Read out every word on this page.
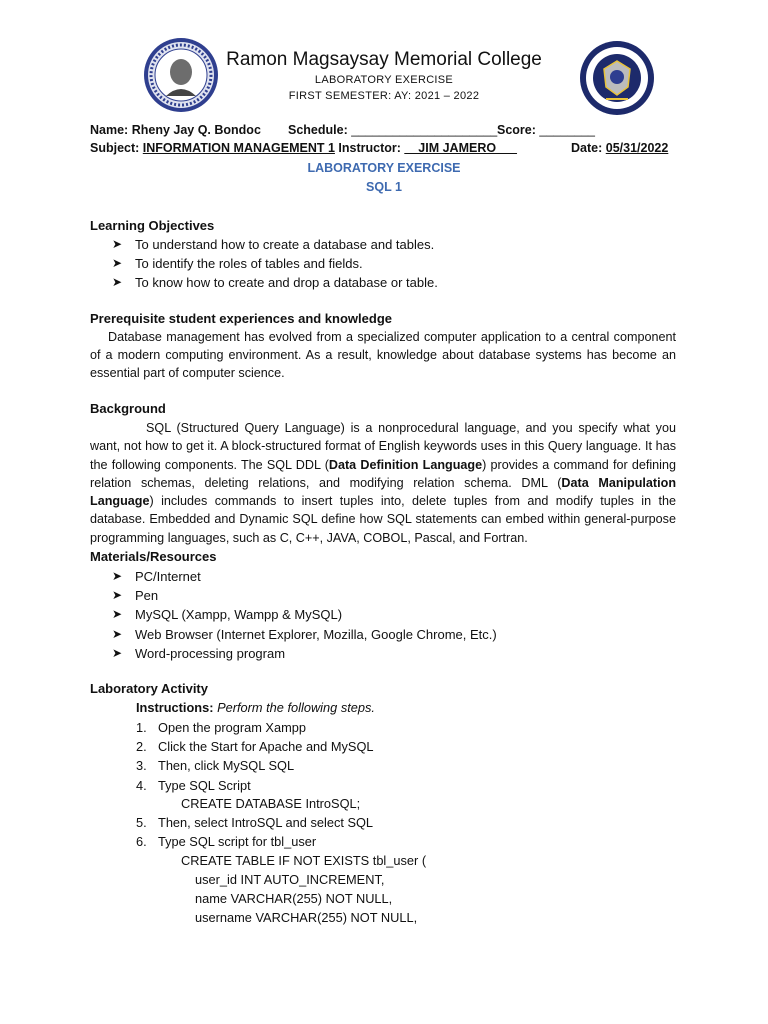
Ramon Magsaysay Memorial College
LABORATORY EXERCISE
FIRST SEMESTER: AY: 2021 – 2022
Name: Rheny Jay Q. Bondoc Schedule: _____________________ Score: ________
Subject: INFORMATION MANAGEMENT 1 Instructor: __JIM JAMERO___	Date: 05/31/2022
LABORATORY EXERCISE
SQL 1
Learning Objectives
➤ To understand how to create a database and tables.
➤ To identify the roles of tables and fields.
➤ To know how to create and drop a database or table.
Prerequisite student experiences and knowledge
Database management has evolved from a specialized computer application to a central component of a modern computing environment. As a result, knowledge about database systems has become an essential part of computer science.
Background
SQL (Structured Query Language) is a nonprocedural language, and you specify what you want, not how to get it. A block-structured format of English keywords uses in this Query language. It has the following components. The SQL DDL (Data Definition Language) provides a command for defining relation schemas, deleting relations, and modifying relation schema. DML (Data Manipulation Language) includes commands to insert tuples into, delete tuples from and modify tuples in the database. Embedded and Dynamic SQL define how SQL statements can embed within general-purpose programming languages, such as C, C++, JAVA, COBOL, Pascal, and Fortran.
Materials/Resources
➤ PC/Internet
➤ Pen
➤ MySQL (Xampp, Wampp & MySQL)
➤ Web Browser (Internet Explorer, Mozilla, Google Chrome, Etc.)
➤ Word-processing program
Laboratory Activity
Instructions: Perform the following steps.
1. Open the program Xampp
2. Click the Start for Apache and MySQL
3. Then, click MySQL SQL
4. Type SQL Script
CREATE DATABASE IntroSQL;
5. Then, select IntroSQL and select SQL
6. Type SQL script for tbl_user
CREATE TABLE IF NOT EXISTS tbl_user (
user_id INT AUTO_INCREMENT,
name VARCHAR(255) NOT NULL,
username VARCHAR(255) NOT NULL,
